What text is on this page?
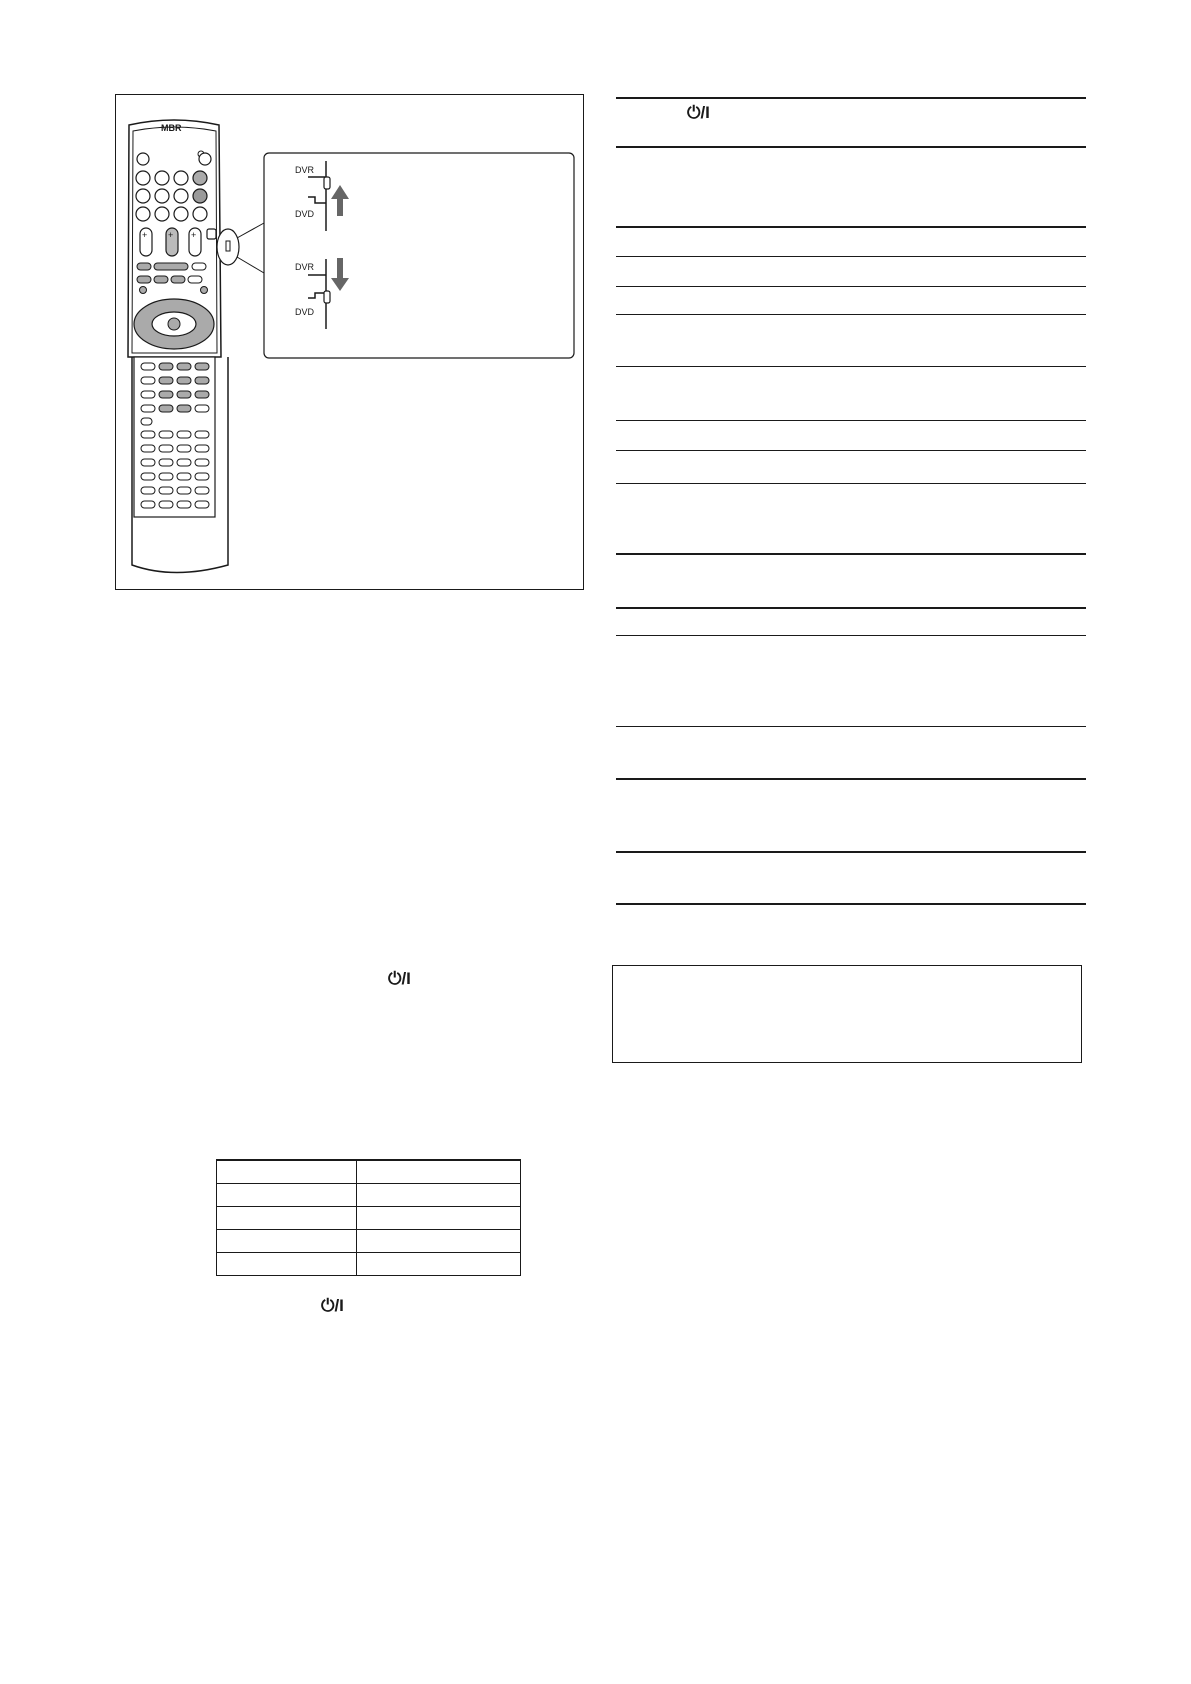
MBR
+ + +
DVR
DVD
DVR
DVD
⏻/I

⏻/I
⏻/I
